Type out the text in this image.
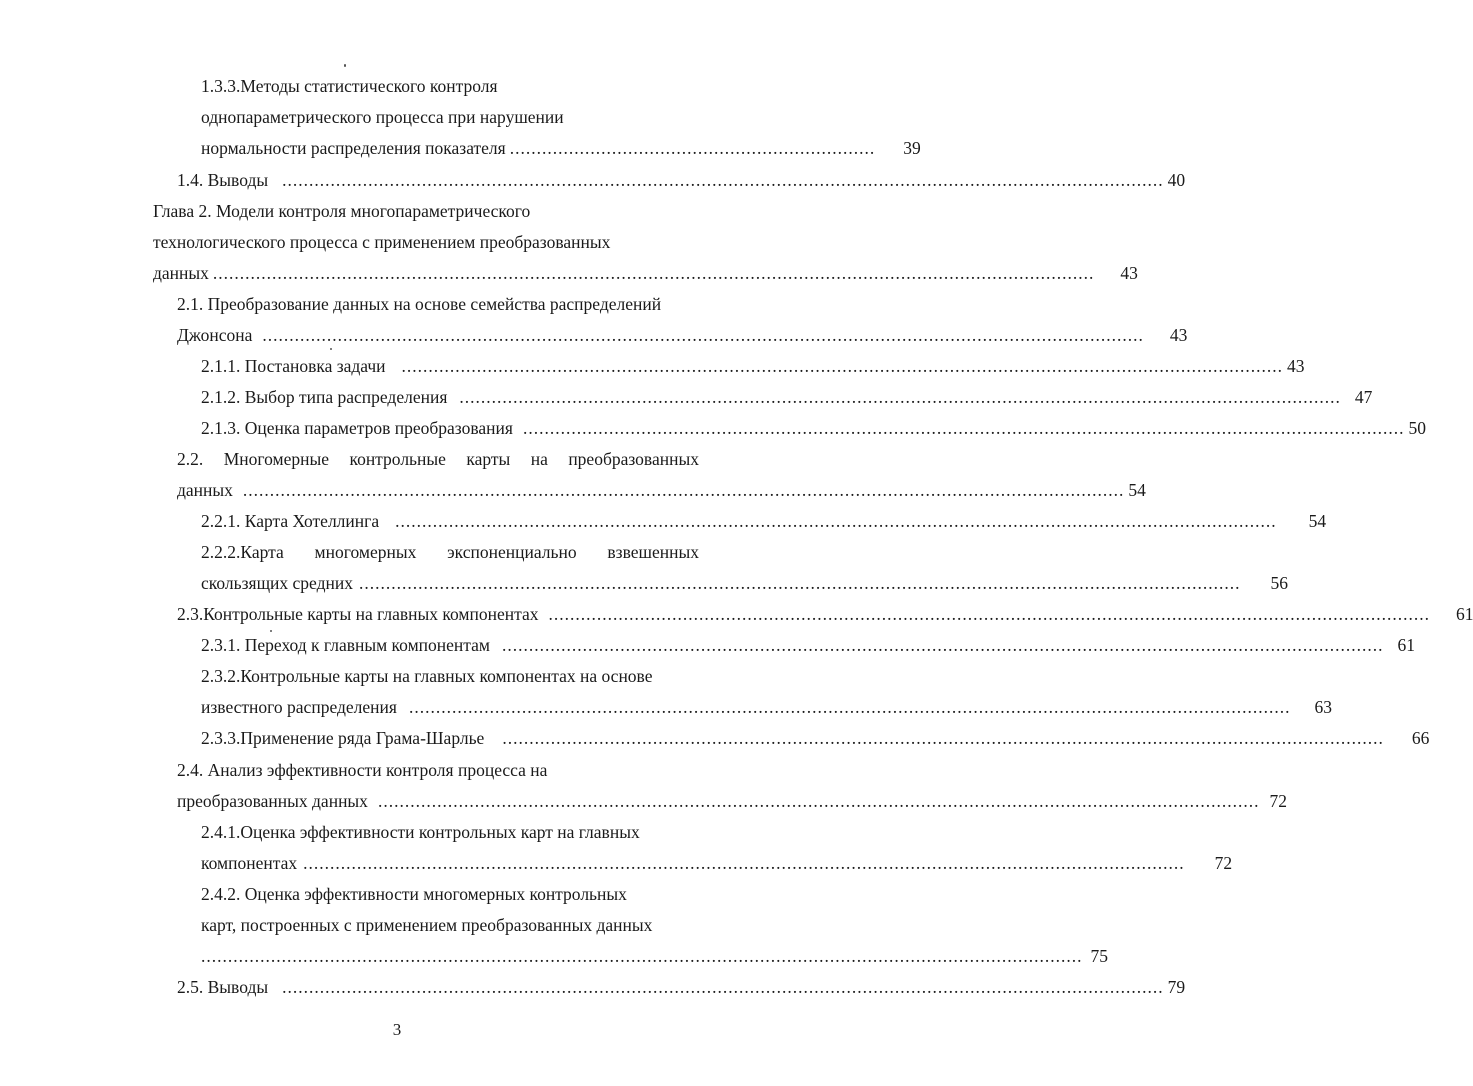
1.3.3.Методы статистического контроля
однопараметрического процесса при нарушении
нормальности распределения показателя .................................................................... 39
1.4. Выводы .................................................................................................................................................................... 40
Глава 2. Модели контроля многопараметрического
технологического процесса с применением преобразованных
данных .................................................................................................................................................................... 43
2.1. Преобразование данных на основе семейства распределений
Джонсона .................................................................................................................................................................... 43
2.1.1. Постановка задачи .................................................................................................................................................................... 43
2.1.2. Выбор типа распределения .................................................................................................................................................................... 47
2.1.3. Оценка параметров преобразования .................................................................................................................................................................... 50
2.2. Многомерные контрольные карты на преобразованных
данных .................................................................................................................................................................... 54
2.2.1. Карта Хотеллинга .................................................................................................................................................................... 54
2.2.2.Карта многомерных экспоненциально взвешенных
скользящих средних .................................................................................................................................................................... 56
2.3.Контрольные карты на главных компонентах .................................................................................................................................................................... 61
2.3.1. Переход к главным компонентам .................................................................................................................................................................... 61
2.3.2.Контрольные карты на главных компонентах на основе
известного распределения .................................................................................................................................................................... 63
2.3.3.Применение ряда Грама-Шарлье .................................................................................................................................................................... 66
2.4. Анализ эффективности контроля процесса на
преобразованных данных .................................................................................................................................................................... 72
2.4.1.Оценка эффективности контрольных карт на главных
компонентах .................................................................................................................................................................... 72
2.4.2. Оценка эффективности многомерных контрольных
карт, построенных с применением преобразованных данных
.................................................................................................................................................................... 75
2.5. Выводы .................................................................................................................................................................... 79
3
